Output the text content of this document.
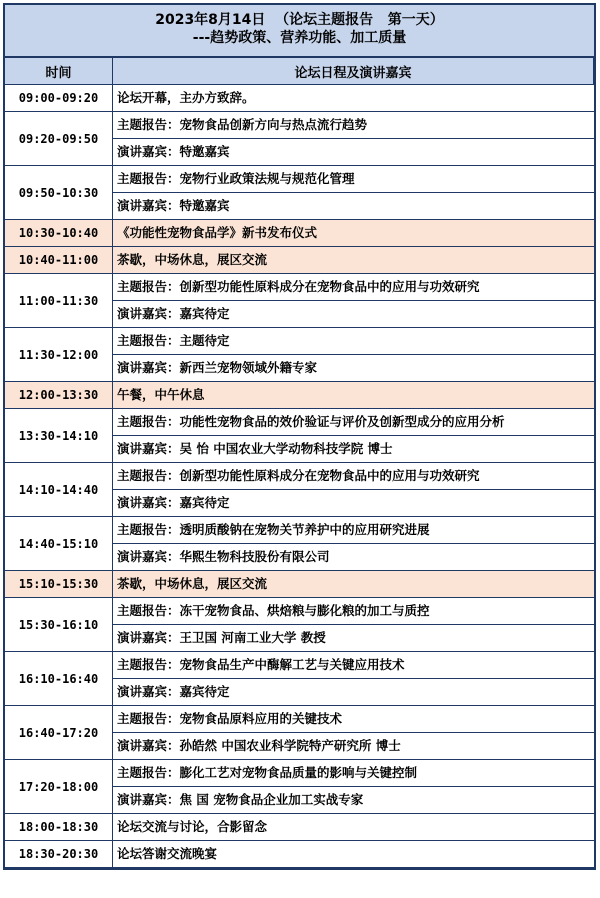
2023年8月14日  （论坛主题报告   第一天）
---趋势政策、营养功能、加工质量
时间	论坛日程及演讲嘉宾
09:00-09:20	论坛开幕，主办方致辞。

09:20-09:50	主题报告：宠物食品创新方向与热点流行趋势
演讲嘉宾：特邀嘉宾

09:50-10:30	主题报告：宠物行业政策法规与规范化管理
演讲嘉宾：特邀嘉宾

10:30-10:40	《功能性宠物食品学》新书发布仪式

10:40-11:00	茶歇，中场休息，展区交流

11:00-11:30	主题报告：创新型功能性原料成分在宠物食品中的应用与功效研究
演讲嘉宾：嘉宾待定

11:30-12:00	主题报告：主题待定
演讲嘉宾：新西兰宠物领域外籍专家

12:00-13:30	午餐，中午休息

13:30-14:10	主题报告：功能性宠物食品的效价验证与评价及创新型成分的应用分析
演讲嘉宾：吴 怡 中国农业大学动物科技学院 博士

14:10-14:40	主题报告：创新型功能性原料成分在宠物食品中的应用与功效研究
演讲嘉宾：嘉宾待定

14:40-15:10	主题报告：透明质酸钠在宠物关节养护中的应用研究进展
演讲嘉宾：华熙生物科技股份有限公司

15:10-15:30	茶歇，中场休息，展区交流

15:30-16:10	主题报告：冻干宠物食品、烘焙粮与膨化粮的加工与质控
演讲嘉宾：王卫国 河南工业大学 教授

16:10-16:40	主题报告：宠物食品生产中酶解工艺与关键应用技术
演讲嘉宾：嘉宾待定

16:40-17:20	主题报告：宠物食品原料应用的关键技术
演讲嘉宾：孙皓然 中国农业科学院特产研究所 博士

17:20-18:00	主题报告：膨化工艺对宠物食品质量的影响与关键控制
演讲嘉宾：焦 国 宠物食品企业加工实战专家

18:00-18:30	论坛交流与讨论，合影留念

18:30-20:30	论坛答谢交流晚宴
